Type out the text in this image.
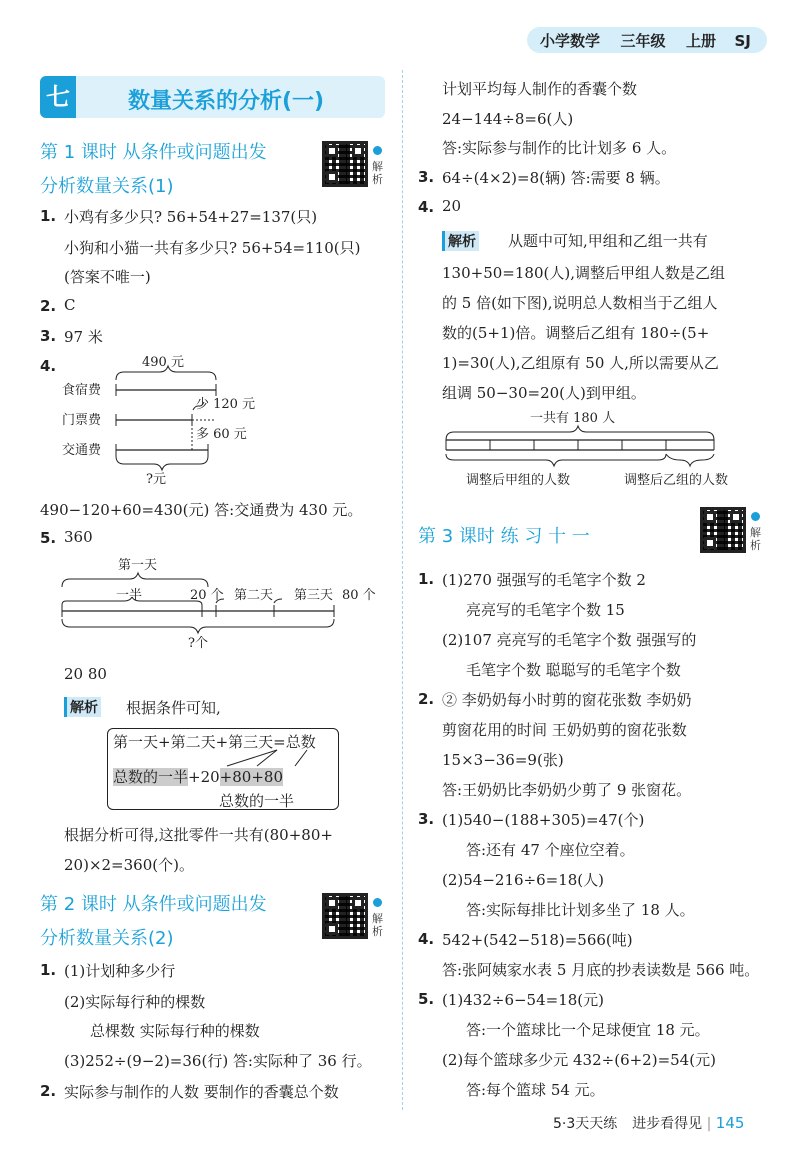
小学数学 三年级 上册 SJ
七	数量关系的分析(一)
第 1 课时 从条件或问题出发
分析数量关系(1)
解
析
1. 小鸡有多少只? 56+54+27=137(只)
小狗和小猫一共有多少只? 56+54=110(只)
(答案不唯一)
2. C
3. 97 米
4.	490 元
食宿费
门票费
少 120 元
交通费
多 60 元
?元
490−120+60=430(元) 答:交通费为 430 元。
5. 360
第一天
一半	20 个 第二天 第三天 80 个
?个
20 80
解析 根据条件可知,
第一天+第二天+第三天=总数
总数的一半+20+80+80
总数的一半
根据分析可得,这批零件一共有(80+80+
20)×2=360(个)。
第 2 课时 从条件或问题出发
分析数量关系(2)
解
析
1. (1)计划种多少行
(2)实际每行种的棵数
总棵数 实际每行种的棵数
(3)252÷(9−2)=36(行) 答:实际种了 36 行。
2. 实际参与制作的人数 要制作的香囊总个数
计划平均每人制作的香囊个数
24−144÷8=6(人)
答:实际参与制作的比计划多 6 人。
3. 64÷(4×2)=8(辆) 答:需要 8 辆。
4. 20
解析 从题中可知,甲组和乙组一共有
130+50=180(人),调整后甲组人数是乙组
的 5 倍(如下图),说明总人数相当于乙组人
数的(5+1)倍。调整后乙组有 180÷(5+
1)=30(人),乙组原有 50 人,所以需要从乙
组调 50−30=20(人)到甲组。
一共有 180 人
调整后甲组的人数	调整后乙组的人数
第 3 课时 练 习 十 一	解
析
1. (1)270 强强写的毛笔字个数 2
亮亮写的毛笔字个数 15
(2)107 亮亮写的毛笔字个数 强强写的
毛笔字个数 聪聪写的毛笔字个数
2. ② 李奶奶每小时剪的窗花张数 李奶奶
剪窗花用的时间 王奶奶剪的窗花张数
15×3−36=9(张)
答:王奶奶比李奶奶少剪了 9 张窗花。
3. (1)540−(188+305)=47(个)
答:还有 47 个座位空着。
(2)54−216÷6=18(人)
答:实际每排比计划多坐了 18 人。
4. 542+(542−518)=566(吨)
答:张阿姨家水表 5 月底的抄表读数是 566 吨。
5. (1)432÷6−54=18(元)
答:一个篮球比一个足球便宜 18 元。
(2)每个篮球多少元 432÷(6+2)=54(元)
答:每个篮球 54 元。
5·3天天练 进步看得见 | 145
